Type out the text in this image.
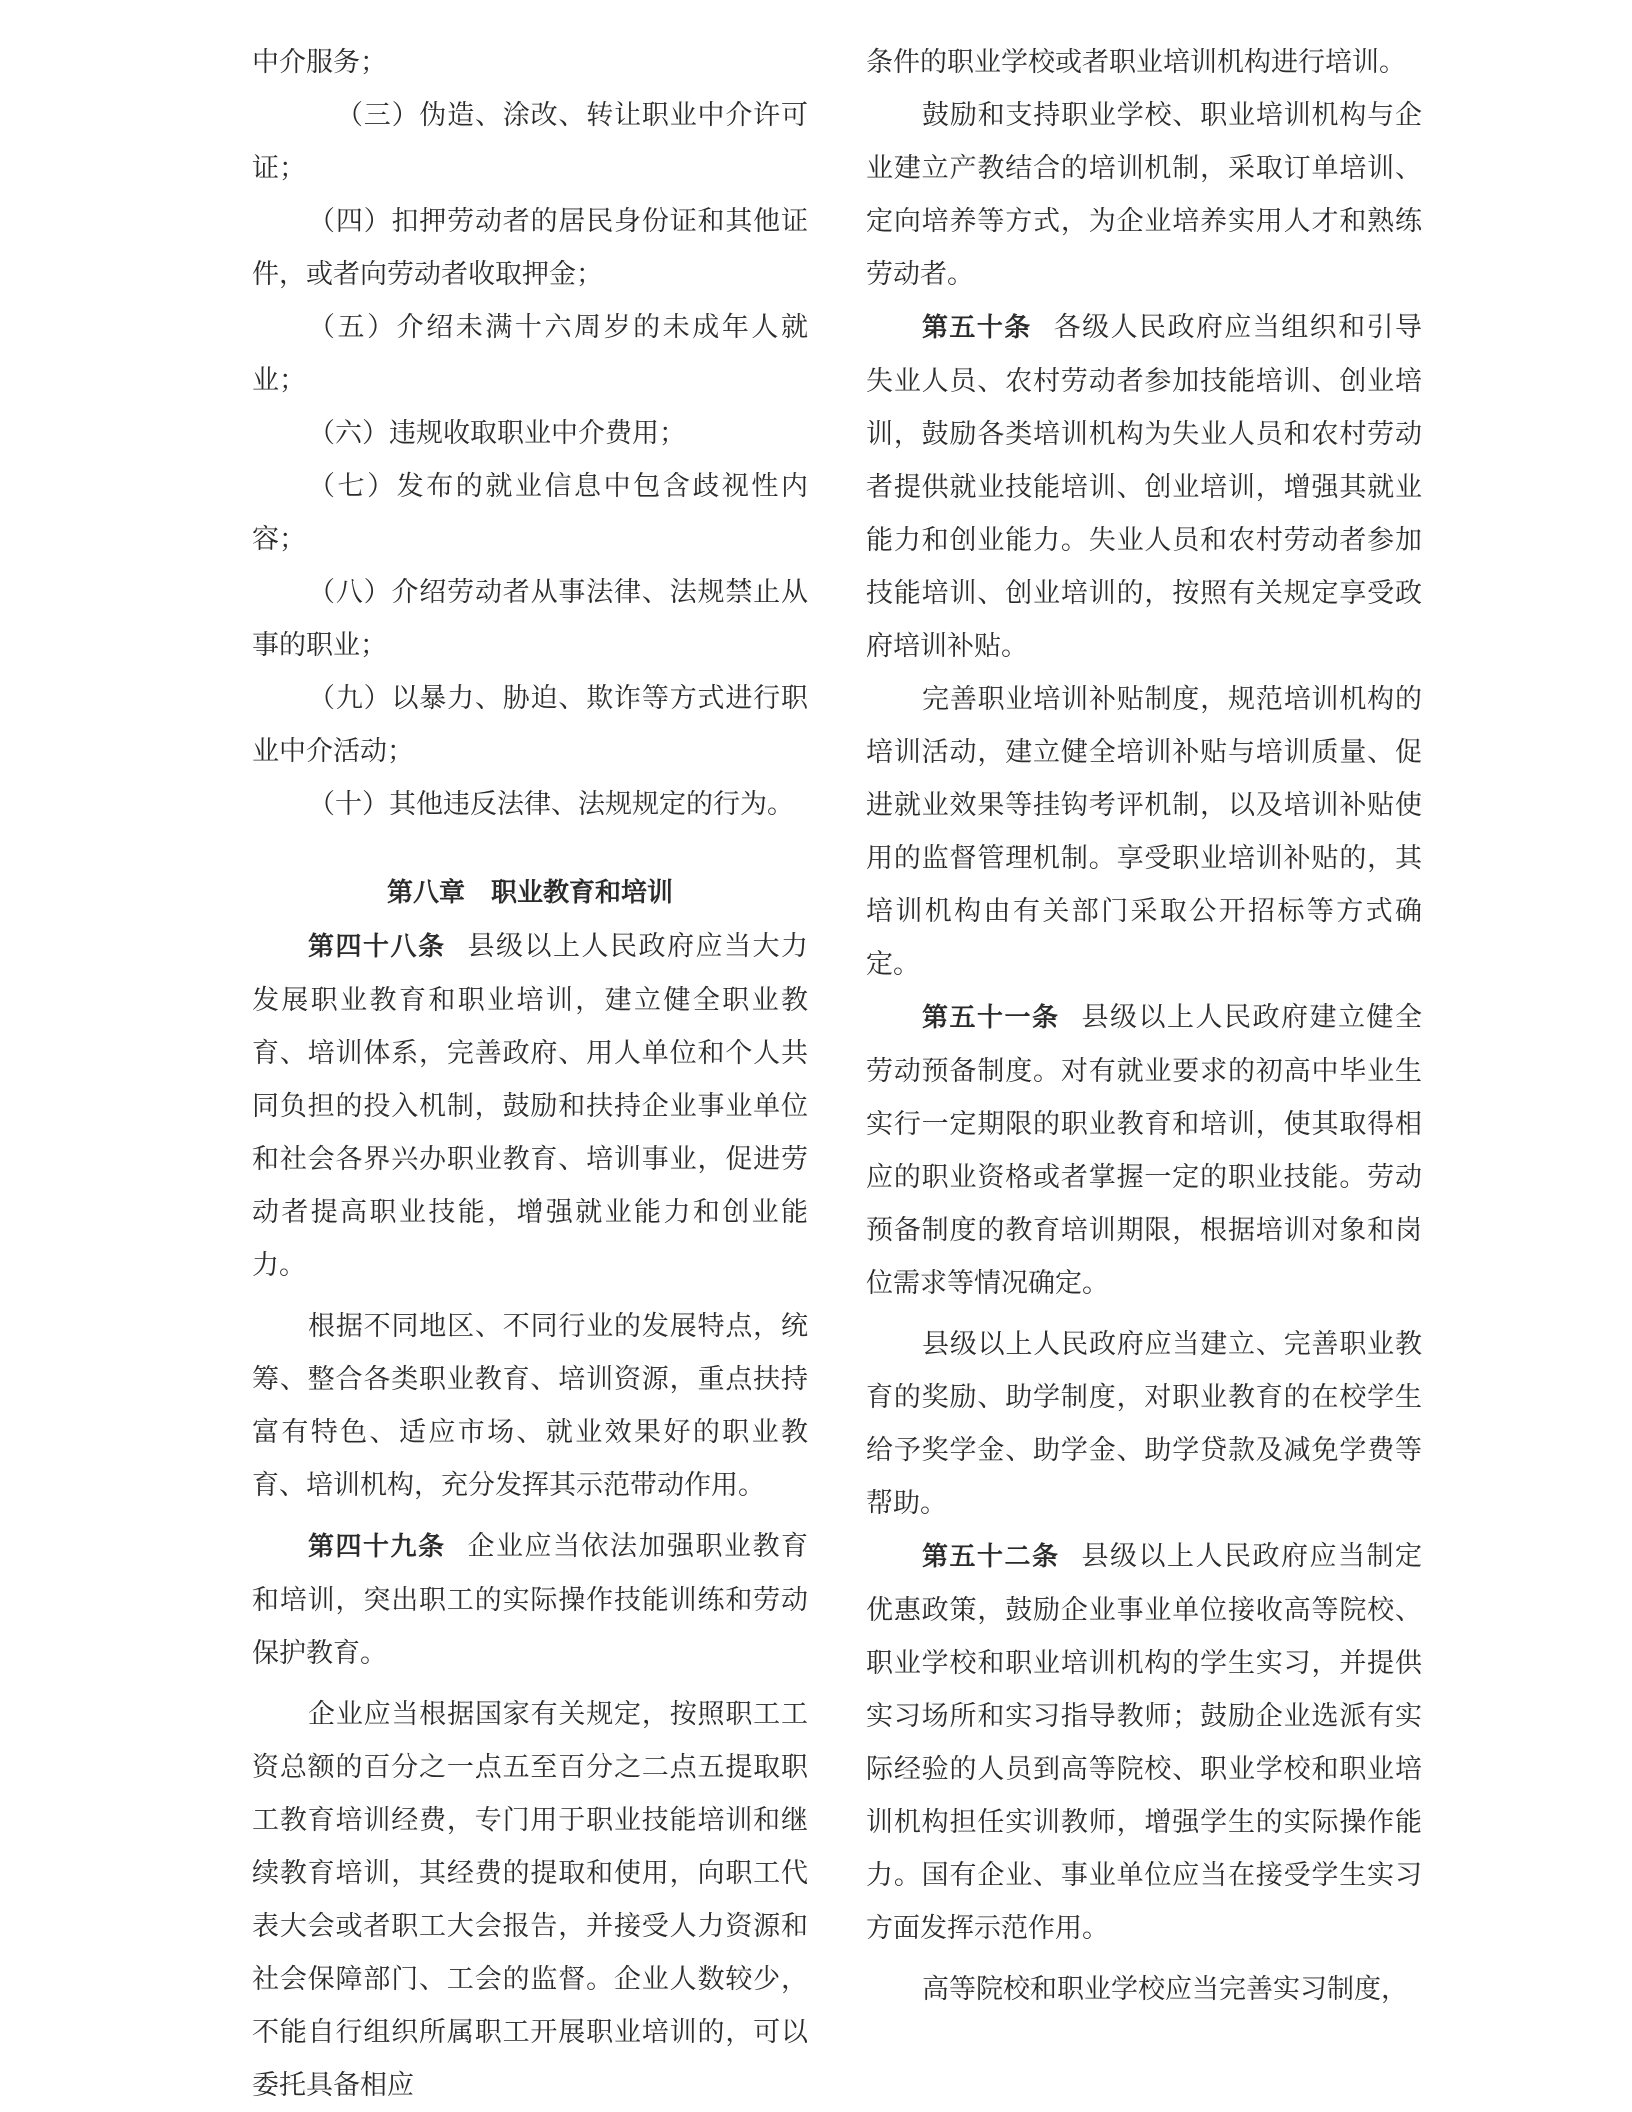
中介服务；

（三）伪造、涂改、转让职业中介许可证；

（四）扣押劳动者的居民身份证和其他证件，或者向劳动者收取押金；

（五）介绍未满十六周岁的未成年人就业；

（六）违规收取职业中介费用；

（七）发布的就业信息中包含歧视性内容；

（八）介绍劳动者从事法律、法规禁止从事的职业；

（九）以暴力、胁迫、欺诈等方式进行职业中介活动；

（十）其他违反法律、法规规定的行为。

第八章　职业教育和培训

第四十八条 县级以上人民政府应当大力发展职业教育和职业培训，建立健全职业教育、培训体系，完善政府、用人单位和个人共同负担的投入机制，鼓励和扶持企业事业单位和社会各界兴办职业教育、培训事业，促进劳动者提高职业技能，增强就业能力和创业能力。

根据不同地区、不同行业的发展特点，统筹、整合各类职业教育、培训资源，重点扶持富有特色、适应市场、就业效果好的职业教育、培训机构，充分发挥其示范带动作用。

第四十九条 企业应当依法加强职业教育和培训，突出职工的实际操作技能训练和劳动保护教育。

企业应当根据国家有关规定，按照职工工资总额的百分之一点五至百分之二点五提取职工教育培训经费，专门用于职业技能培训和继续教育培训，其经费的提取和使用，向职工代表大会或者职工大会报告，并接受人力资源和社会保障部门、工会的监督。企业人数较少，不能自行组织所属职工开展职业培训的，可以委托具备相应

条件的职业学校或者职业培训机构进行培训。

鼓励和支持职业学校、职业培训机构与企业建立产教结合的培训机制，采取订单培训、定向培养等方式，为企业培养实用人才和熟练劳动者。

第五十条 各级人民政府应当组织和引导失业人员、农村劳动者参加技能培训、创业培训，鼓励各类培训机构为失业人员和农村劳动者提供就业技能培训、创业培训，增强其就业能力和创业能力。失业人员和农村劳动者参加技能培训、创业培训的，按照有关规定享受政府培训补贴。

完善职业培训补贴制度，规范培训机构的培训活动，建立健全培训补贴与培训质量、促进就业效果等挂钩考评机制，以及培训补贴使用的监督管理机制。享受职业培训补贴的，其培训机构由有关部门采取公开招标等方式确定。

第五十一条 县级以上人民政府建立健全劳动预备制度。对有就业要求的初高中毕业生实行一定期限的职业教育和培训，使其取得相应的职业资格或者掌握一定的职业技能。劳动预备制度的教育培训期限，根据培训对象和岗位需求等情况确定。

县级以上人民政府应当建立、完善职业教育的奖励、助学制度，对职业教育的在校学生给予奖学金、助学金、助学贷款及减免学费等帮助。

第五十二条 县级以上人民政府应当制定优惠政策，鼓励企业事业单位接收高等院校、职业学校和职业培训机构的学生实习，并提供实习场所和实习指导教师；鼓励企业选派有实际经验的人员到高等院校、职业学校和职业培训机构担任实训教师，增强学生的实际操作能力。国有企业、事业单位应当在接受学生实习方面发挥示范作用。

高等院校和职业学校应当完善实习制度，
